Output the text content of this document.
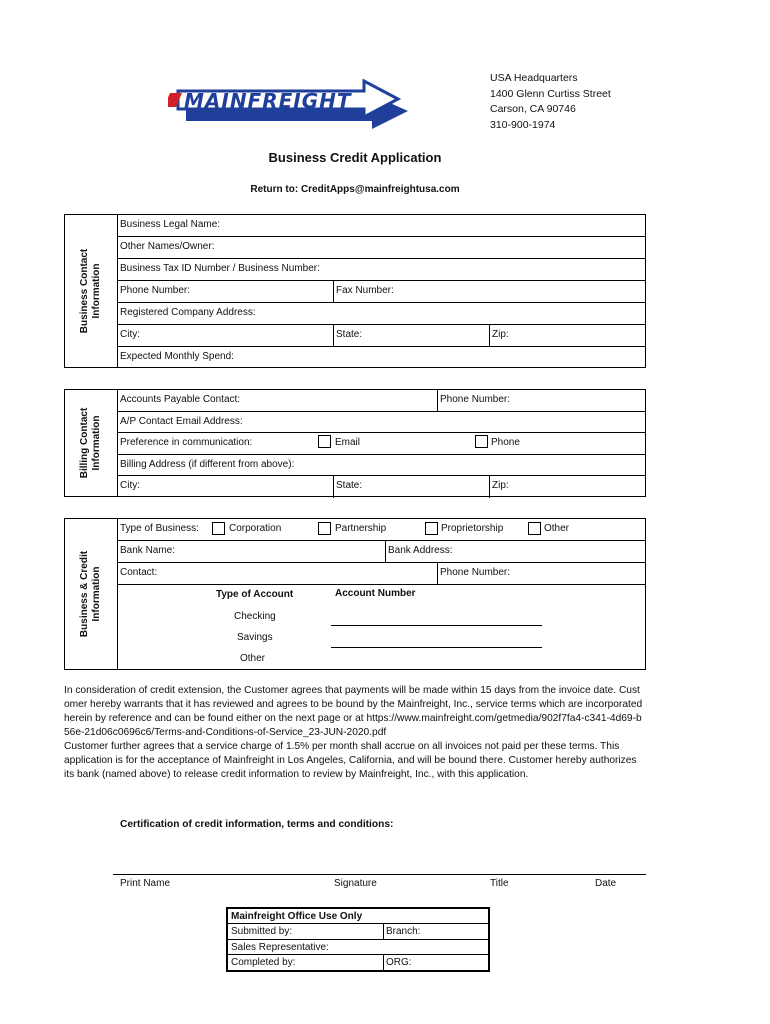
MAINFREIGHT
USA Headquarters
1400 Glenn Curtiss Street
Carson, CA 90746
310-900-1974
Business Credit Application
Return to: CreditApps@mainfreightusa.com
Business Contact Information
Business Legal Name:
Other Names/Owner:
Business Tax ID Number / Business Number:
Phone Number:	Fax Number:
Registered Company Address:
City:	State:	Zip:
Expected Monthly Spend:
Billing Contact Information
Accounts Payable Contact:	Phone Number:
A/P Contact Email Address:
Preference in communication:	Email	Phone
Billing Address (if different from above):
City:	State:	Zip:
Business & Credit Information
Type of Business:	Corporation	Partnership	Proprietorship	Other
Bank Name:	Bank Address:
Contact:	Phone Number:
Type of Account	Account Number
Checking
Savings
Other

In consideration of credit extension, the Customer agrees that payments will be made within 15 days from the invoice date. Customer hereby warrants that it has reviewed and agrees to be bound by the Mainfreight, Inc., service terms which are incorporated herein by reference and can be found either on the next page or at https://www.mainfreight.com/getmedia/902f7fa4-c341-4d69-b56e-21d06c0696c6/Terms-and-Conditions-of-Service_23-JUN-2020.pdf

Customer further agrees that a service charge of 1.5% per month shall accrue on all invoices not paid per these terms. This application is for the acceptance of Mainfreight in Los Angeles, California, and will be bound there. Customer hereby authorizes its bank (named above) to release credit information to review by Mainfreight, Inc., with this application.

Certification of credit information, terms and conditions:
Print Name	Signature	Title	Date
Mainfreight Office Use Only
Submitted by:	Branch:
Sales Representative:
Completed by:	ORG:
